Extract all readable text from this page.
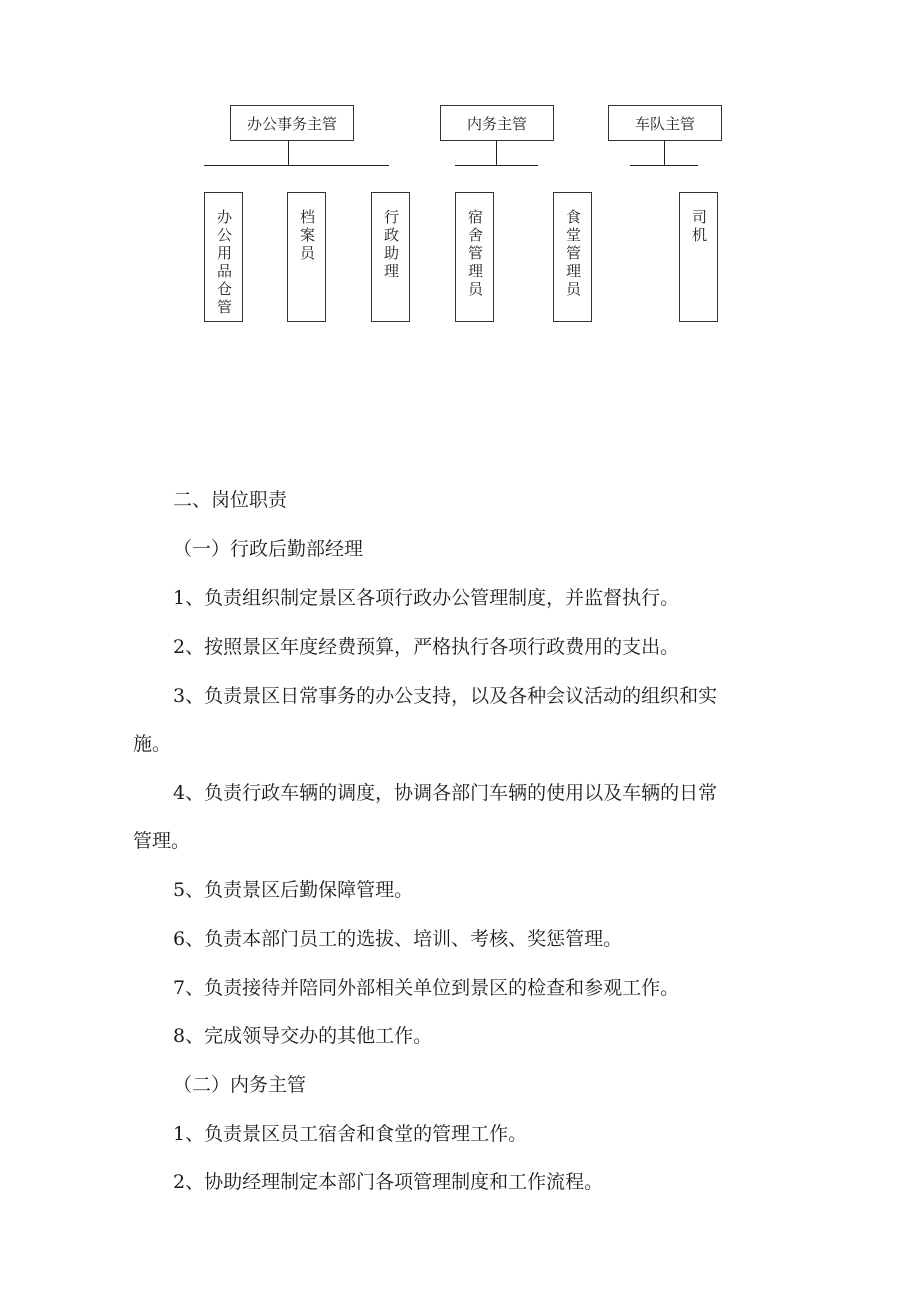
办公事务主管	内务主管	车队主管
办公用品仓管	档案员	行政助理	宿舍管理员	食堂管理员	司机
二、岗位职责
（一）行政后勤部经理
1、负责组织制定景区各项行政办公管理制度，并监督执行。
2、按照景区年度经费预算，严格执行各项行政费用的支出。
3、负责景区日常事务的办公支持，以及各种会议活动的组织和实
施。
4、负责行政车辆的调度，协调各部门车辆的使用以及车辆的日常
管理。
5、负责景区后勤保障管理。
6、负责本部门员工的选拔、培训、考核、奖惩管理。
7、负责接待并陪同外部相关单位到景区的检查和参观工作。
8、完成领导交办的其他工作。
（二）内务主管
1、负责景区员工宿舍和食堂的管理工作。
2、协助经理制定本部门各项管理制度和工作流程。
